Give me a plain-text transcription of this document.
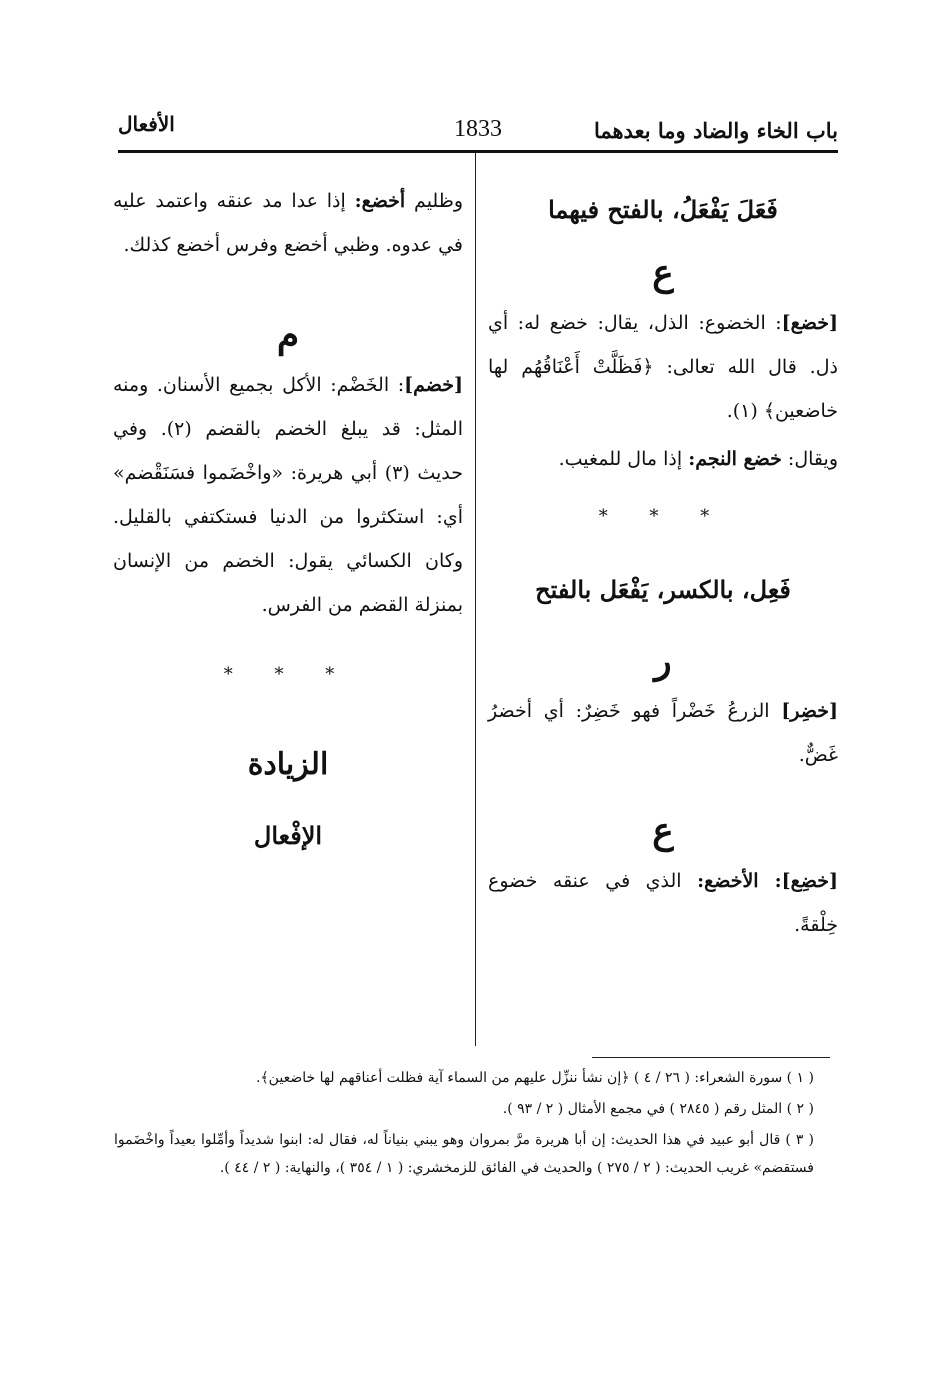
باب الخاء والضاد وما بعدهما
1833
الأفعال
فَعَلَ يَفْعَلُ، بالفتح فيهما
ع

[خضع]: الخضوع: الذل، يقال: خضع له: أي ذل. قال الله تعالى: ﴿فَظَلَّتْ أَعْنَاقُهُم لها خاضعين﴾ (١).

ويقال: خضع النجم: إذا مال للمغيب.

* * *
فَعِل، بالكسر، يَفْعَل بالفتح
ر

[خضِر] الزرعُ خَضْراً فهو خَضِرٌ: أي أخضرُ غَضٌّ.

ع

[خضِع]: الأخضع: الذي في عنقه خضوع خِلْقةً.

وظليم أخضع: إذا عدا مد عنقه واعتمد عليه في عدوه. وظبي أخضع وفرس أخضع كذلك.

م

[خضم]: الخَضْم: الأكل بجميع الأسنان. ومنه المثل: قد يبلغ الخضم بالقضم (٢). وفي حديث (٣) أبي هريرة: «واخْضَموا فسَنَقْضم» أي: استكثروا من الدنيا فستكتفي بالقليل. وكان الكسائي يقول: الخضم من الإنسان بمنزلة القضم من الفرس.

* * *
الزيادة
الإفْعال

( ١ ) سورة الشعراء: ( ٢٦ / ٤ ) ﴿إن نشأ ننزِّل عليهم من السماء آية فظلت أعناقهم لها خاضعين﴾.

( ٢ ) المثل رقم ( ٢٨٤٥ ) في مجمع الأمثال ( ٢ / ٩٣ ).

( ٣ ) قال أبو عبيد في هذا الحديث: إن أبا هريرة مرَّ بمروان وهو يبني بنياناً له، فقال له: ابنوا شديداً وأمِّلوا بعيداً واخْضَموا فستقضم» غريب الحديث: ( ٢ / ٢٧٥ ) والحديث في الفائق للزمخشري: ( ١ / ٣٥٤ )، والنهاية: ( ٢ / ٤٤ ).
